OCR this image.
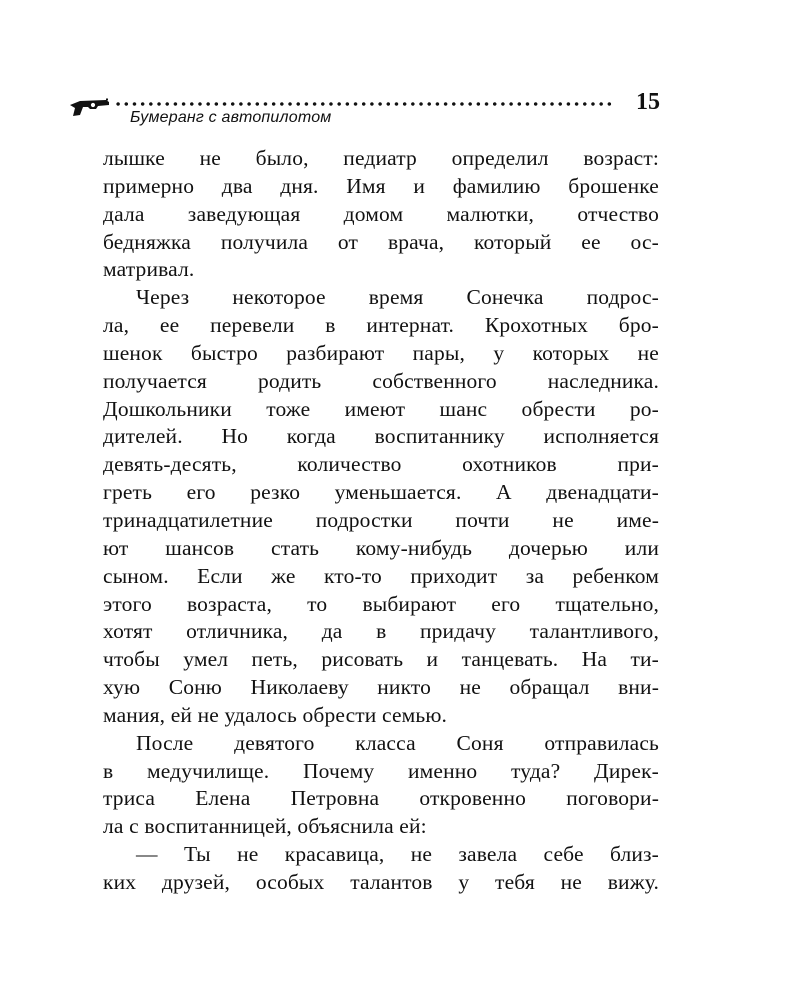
15
Бумеранг с автопилотом
лышке не было, педиатр определил возраст:
примерно два дня. Имя и фамилию брошенке
дала заведующая домом малютки, отчество
бедняжка получила от врача, который ее ос-
матривал.
Через некоторое время Сонечка подрос-
ла, ее перевели в интернат. Крохотных бро-
шенок быстро разбирают пары, у которых не
получается родить собственного наследника.
Дошкольники тоже имеют шанс обрести ро-
дителей. Но когда воспитаннику исполняется
девять-десять, количество охотников при-
греть его резко уменьшается. А двенадцати-
тринадцатилетние подростки почти не име-
ют шансов стать кому-нибудь дочерью или
сыном. Если же кто-то приходит за ребенком
этого возраста, то выбирают его тщательно,
хотят отличника, да в придачу талантливого,
чтобы умел петь, рисовать и танцевать. На ти-
хую Соню Николаеву никто не обращал вни-
мания, ей не удалось обрести семью.
После девятого класса Соня отправилась
в медучилище. Почему именно туда? Дирек-
триса Елена Петровна откровенно поговори-
ла с воспитанницей, объяснила ей:
— Ты не красавица, не завела себе близ-
ких друзей, особых талантов у тебя не вижу.
